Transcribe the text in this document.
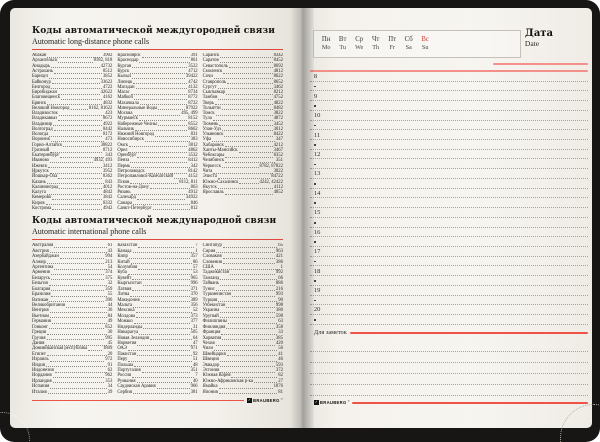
Коды автоматической междугородней связи
Automatic long-distance phone calls
Абакан	3902
Архангельск	8182, 818
Анадырь	42732
Астрахань	8512
Барнаул	3852
Байконур	33622
Белгород	4722
Биробиджан	42622
Благовещенск	4162
Брянск	4832
Великий Новгород	8162, 81622
Владивосток	423
Владикавказ	8672
Владимир	4922
Волгоград	8442
Вологда	8172
Воронеж	473
Горно-Алтайск	38822
Грозный	8712
Екатеринбург	343
Иваново	4932, 493
Ижевск	3412
Иркутск	3952
Йошкар-Ола	8362
Казань	843
Калининград	4012
Калуга	4842
Кемерово	3842
Киров	8332
Кострома	4942
Красноярск	391
Краснодар	861
Курган	3522
Курск	4712
Кызыл	39422
Липецк	4742
Магадан	4132
Магас	8734
Майкоп	8772
Махачкала	8722
Минеральные Воды	87922
Москва	495, 499
Мурманск	8152
Набережные Челны	8552
Нальчик	8662
Нижний Новгород	831
Новосибирск	383
Омск	3812
Орел	4862
Оренбург	3532
Пенза	8412
Пермь	342
Петрозаводск	8142
Петропавловск-Камчатский	4152
Псков	8112, 811
Ростов-на-Дону	863
Рязань	4912
Салехард	34922
Самара	846
Санкт-Петербург	812
Саранск	8342
Саратов	8452
Севастополь	8692
Смоленск	4812
Сочи	8622
Ставрополь	8652
Сургут	3462
Сыктывкар	8212
Тамбов	4752
Тверь	4822
Тольятти	8482
Томск	3822
Тула	4872
Тюмень	3452
Улан-Удэ	3012
Ульяновск	8422
Уфа	347
Хабаровск	4212
Ханты-Мансийск	3467
Чебоксары	8352
Челябинск	351
Черкесск	8782, 87822
Чита	3022
Элиста	84722
Южно-Сахалинск	4242, 42422
Якутск	4112
Ярославль	4852
Коды автоматической международной связи
Automatic international phone calls
Австралия	61
Австрия	43
Азербайджан	994
Алжир	213
Аргентина	54
Армения	374
Беларусь	375
Бельгия	32
Болгария	359
Бразилия	55
Ватикан	396
Великобритания	44
Венгрия	36
Вьетнам	84
Германия	49
Гонконг	852
Греция	30
Грузия	995
Дания	45
Доминиканская республика	1809
Египет	20
Израиль	972
Индия	91
Индонезия	62
Иордания	962
Ирландия	353
Испания	34
Италия	39
Казахстан	7
Канада	1
Кипр	357
Китай	86
Колумбия	57
Куба	53
Кувейт	965
Кыргызстан	996
Латвия	371
Литва	370
Македония	389
Мальта	356
Мексика	52
Молдова	373
Монако	377
Нидерланды	31
Никарагуа	505
Новая Зеландия	64
Норвегия	47
ОАЭ	971
Пакистан	92
Перу	51
Польша	48
Португалия	351
Россия	7
Румыния	40
Саудовская Аравия	966
Сербия	381
Сингапур	65
Сирия	963
Словакия	421
Словения	386
США	1
Таджикистан	992
Таиланд	66
Тайвань	886
Тунис	216
Туркменистан	993
Турция	90
Узбекистан	998
Украина	380
Уругвай	598
Филиппины	63
Финляндия	358
Франция	33
Хорватия	385
Чехия	420
Чили	56
Швейцария	41
Швеция	46
Эквадор	593
Эстония	372
Южная Корея	82
Южно-Африканская р-ка	27
Ямайка	1876
Япония	81
✓ BRAUBERG ®
Пн	Вт	Ср	Чт	Пт	Сб	Вс
Mo	Tu	We	Th	Fr	Sa	Su
Дата
Date
8
9
10
11
12
13
14
15
16
17
18
19
20
Для заметок
✓ BRAUBERG ®
